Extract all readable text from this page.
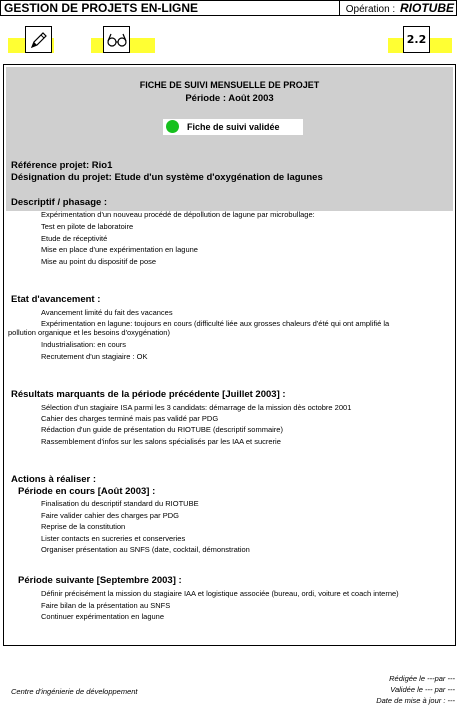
GESTION DE PROJETS EN-LIGNE	Opération : RIOTUBE
2.2
FICHE DE SUIVI MENSUELLE DE PROJET
Période : Août 2003
Fiche de suivi validée
Référence projet: Rio1
Désignation du projet: Etude d'un système d'oxygénation de lagunes
Descriptif / phasage :
Expérimentation d'un nouveau procédé de dépollution de lagune par microbullage:
Test en pilote de laboratoire
Etude de réceptivité
Mise en place d'une expérimentation en lagune
Mise au point du dispositif de pose
Etat d'avancement :
Avancement limité du fait des vacances
Expérimentation en lagune: toujours en cours (difficulté liée aux grosses chaleurs d'été qui ont amplifié la
pollution organique et les besoins d'oxygénation)
Industrialisation: en cours
Recrutement d'un stagiaire : OK
Résultats marquants de la période précédente [Juillet 2003] :
Sélection d'un stagiaire ISA parmi les 3 candidats: démarrage de la mission dès octobre 2001
Cahier des charges terminé mais pas validé par PDG
Rédaction d'un guide de présentation du RIOTUBE (descriptif sommaire)
Rassemblement d'infos sur les salons spécialisés par les IAA et sucrerie
Actions à réaliser :
Période en cours [Août 2003] :
Finalisation du descriptif standard du RIOTUBE
Faire valider cahier des charges par PDG
Reprise de la constitution
Lister contacts en sucreries et conserveries
Organiser présentation au SNFS (date, cocktail, démonstration
Période suivante [Septembre 2003] :
Définir précisément la mission du stagiaire IAA et logistique associée (bureau, ordi, voiture et coach interne)
Faire bilan de la présentation au SNFS
Continuer expérimentation en lagune
Centre d'ingénierie de développement
Rédigée le ---par ---
Validée le --- par ---
Date de mise à jour : ---
